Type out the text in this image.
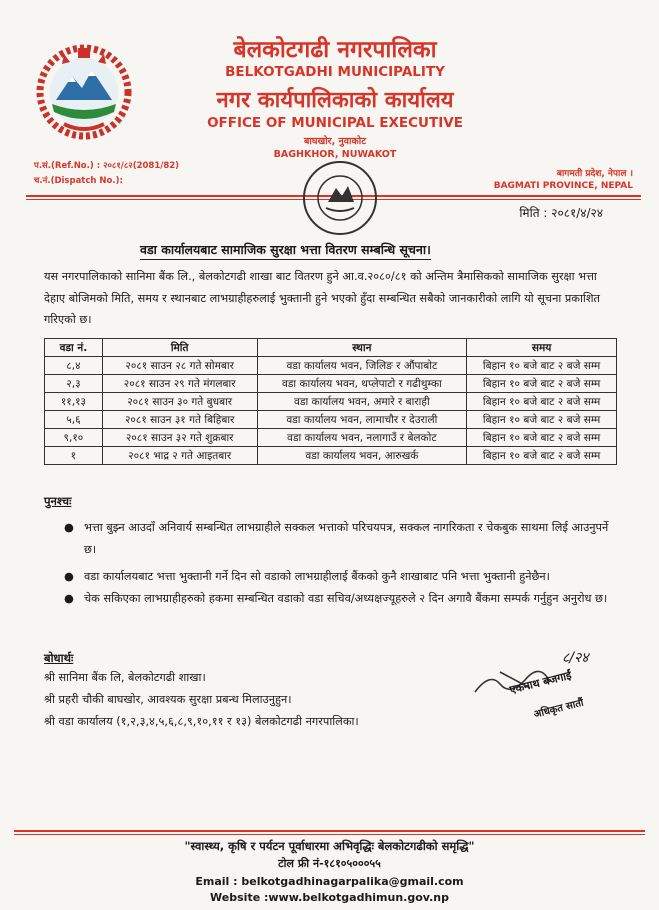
बेलकोटगढी नगरपालिका
BELKOTGADHI MUNICIPALITY
नगर कार्यपालिकाको कार्यालय
OFFICE OF MUNICIPAL EXECUTIVE
बाघखोर, नुवाकोट
BAGHKHOR, NUWAKOT
प.सं.(Ref.No.) : २०८१/८२(2081/82)
च.नं.(Dispatch No.):
बागमती प्रदेश, नेपाल ।
BAGMATI PROVINCE, NEPAL
मिति : २०८१/४/२४
वडा कार्यालयबाट सामाजिक सुरक्षा भत्ता वितरण सम्बन्धि सूचना।
यस नगरपालिकाको सानिमा बैंक लि., बेलकोटगढी शाखा बाट वितरण हुने आ.व.२०८०/८१ को अन्तिम त्रैमासिकको सामाजिक सुरक्षा भत्ता देहाए बोजिमको मिति, समय र स्थानबाट लाभग्राहीहरुलाई भुक्तानी हुने भएको हुँदा सम्बन्धित सबैको जानकारीको लागि यो सूचना प्रकाशित गरिएको छ।
वडा नं.	मिति	स्थान	समय
८,४	२०८१ साउन २८ गते सोमबार	वडा कार्यालय भवन, जिलिङ र औंपाबोट	बिहान १० बजे बाट २ बजे सम्म
२,३	२०८१ साउन २९ गते मंगलबार	वडा कार्यालय भवन, थप्लेपाटो र गढीथुम्का	बिहान १० बजे बाट २ बजे सम्म
११,१३	२०८१ साउन ३० गते बुधबार	वडा कार्यालय भवन, अमारे र बाराही	बिहान १० बजे बाट २ बजे सम्म
५,६	२०८१ साउन ३१ गते बिहिबार	वडा कार्यालय भवन, लामाचौर र देउराली	बिहान १० बजे बाट २ बजे सम्म
९,१०	२०८१ साउन ३२ गते शुक्रबार	वडा कार्यालय भवन, नलागाउँ र बेलकोट	बिहान १० बजे बाट २ बजे सम्म
१	२०८१ भाद्र २ गते आइतबार	वडा कार्यालय भवन, आरुखर्क	बिहान १० बजे बाट २ बजे सम्म
पुनश्चः
● भत्ता बुझ्न आउदाँ अनिवार्य सम्बन्धित लाभग्राहीले सक्कल भत्ताको परिचयपत्र, सक्कल नागरिकता र चेकबुक साथमा लिई आउनुपर्ने छ।
● वडा कार्यालयबाट भत्ता भुक्तानी गर्ने दिन सो वडाको लाभग्राहीलाई बैंकको कुनै शाखाबाट पनि भत्ता भुक्तानी हुनेछैन।
● चेक सकिएका लाभग्राहीहरुको हकमा सम्बन्धित वडाको वडा सचिव/अध्यक्षज्यूहरुले २ दिन अगावै बैंकमा सम्पर्क गर्नुहुन अनुरोध छ।
बोधार्थः
श्री सानिमा बैंक लि, बेलकोटगढी शाखा।
श्री प्रहरी चौकी बाघखोर, आवश्यक सुरक्षा प्रबन्ध मिलाउनुहुन।
श्री वडा कार्यालय (१,२,३,४,५,६,८,९,१०,११ र १३) बेलकोटगढी नगरपालिका।
८/२४
एकनाथ बजगाईं
अधिकृत सातौं
"स्वास्थ्य, कृषि र पर्यटन पूर्वाधारमा अभिवृद्धिः बेलकोटगढीको समृद्धि"
टोल फ्री नं-१८१०५०००५५
Email : belkotgadhinagarpalika@gmail.com
Website :www.belkotgadhimun.gov.np
